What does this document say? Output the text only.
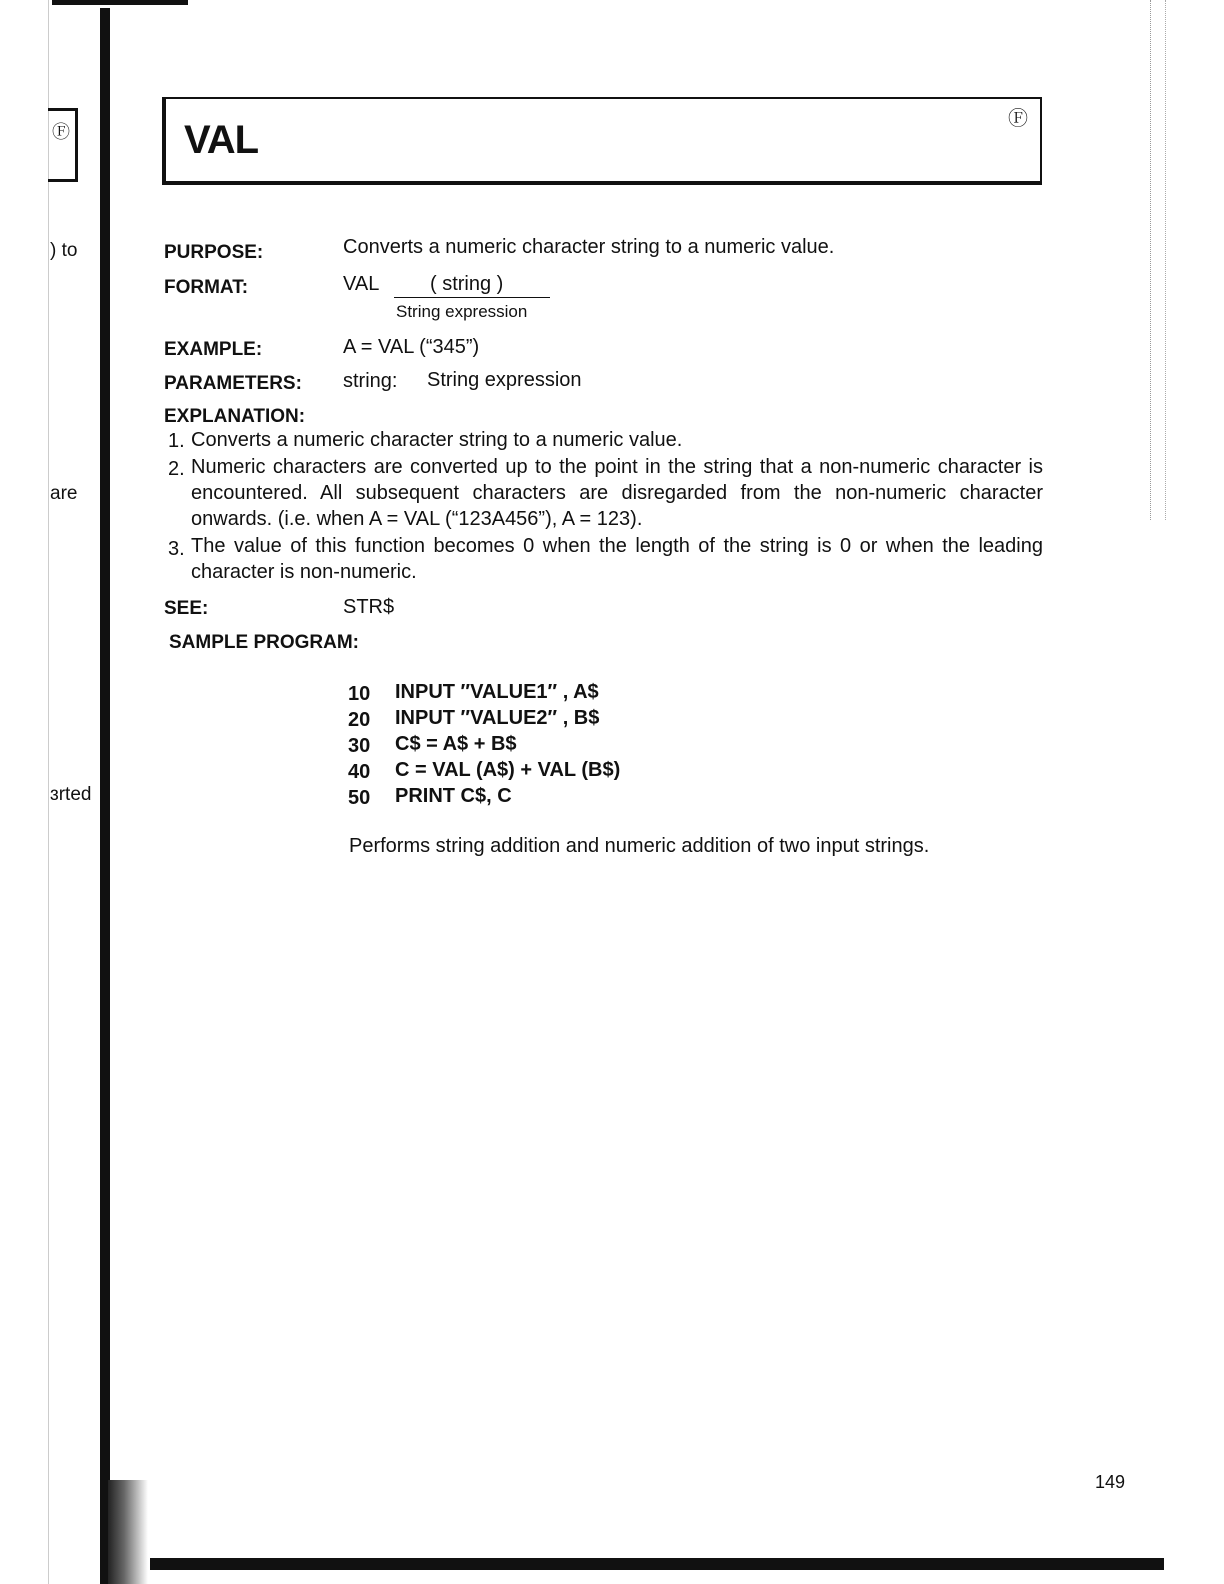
Ⓕ
) to
are
ɜrted
VAL	Ⓕ
PURPOSE:	Converts a numeric character string to a numeric value.
FORMAT:	VAL	( string )
String expression
EXAMPLE:	A = VAL (“345”)
PARAMETERS: string: String expression
EXPLANATION:
1. Converts a numeric character string to a numeric value.
2. Numeric characters are converted up to the point in the string that a non-numeric character is encountered. All subsequent characters are disregarded from the non-numeric character onwards. (i.e. when A = VAL (“123A456”), A = 123).
3. The value of this function becomes 0 when the length of the string is 0 or when the leading character is non-numeric.
SEE:	STR$
SAMPLE PROGRAM:
10 INPUT ″VALUE1″ , A$
20 INPUT ″VALUE2″ , B$
30 C$ = A$ + B$
40 C = VAL (A$) + VAL (B$)
50 PRINT C$, C
Performs string addition and numeric addition of two input strings.
149
